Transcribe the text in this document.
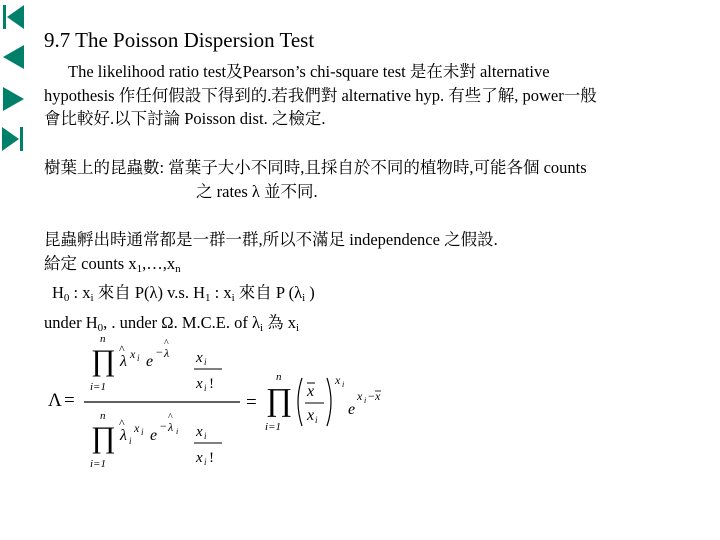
9.7 The Poisson Dispersion Test
The likelihood ratio test及Pearson’s chi-square test 是在未對 alternative
hypothesis 作任何假設下得到的.若我們對 alternative hyp. 有些了解, power一般
會比較好.以下討論 Poisson dist. 之檢定.
樹葉上的昆蟲數: 當葉子大小不同時,且採自於不同的植物時,可能各個 counts
之 rates λ 並不同.
昆蟲孵出時通常都是一群一群,所以不滿足 independence 之假設.
給定 counts $x_1,\dots,x_n$
$H_0$ : $x_i$ 來自 P(λ) v.s. $H_1$ : $x_i$ 來自 P ($\lambda_i$ )
under $H_0$, . under Ω. M.C.E. of $\lambda_i$ 為 $x_i$
Λ =
n
∏
i=1
λ
^ x i e
− λ
^
x i
x i !
n
∏
i=1
λ
^
i
x i e
− λ
^
i x i
x i !
=
n
∏
i=1
x
x i
x i
e
x i − x
